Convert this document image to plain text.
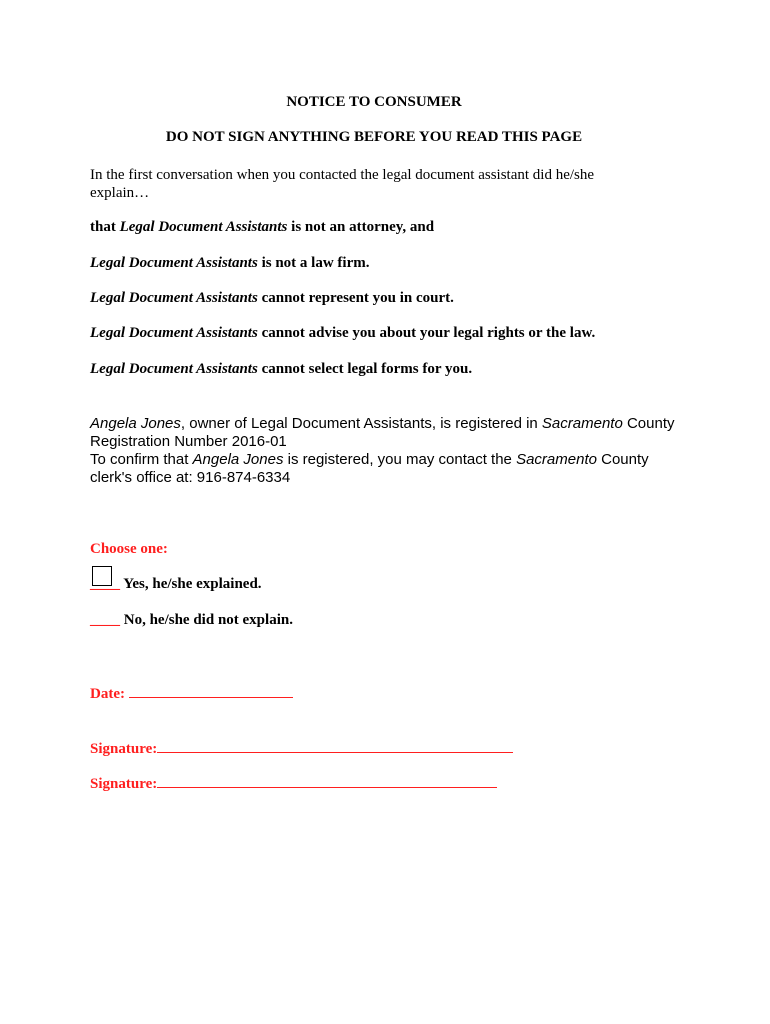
NOTICE TO CONSUMER
DO NOT SIGN ANYTHING BEFORE YOU READ THIS PAGE
In the first conversation when you contacted the legal document assistant did he/she
explain…
that Legal Document Assistants is not an attorney, and
Legal Document Assistants is not a law firm.
Legal Document Assistants cannot represent you in court.
Legal Document Assistants cannot advise you about your legal rights or the law.
Legal Document Assistants cannot select legal forms for you.
Angela Jones, owner of Legal Document Assistants, is registered in Sacramento County
Registration Number 2016-01
To confirm that Angela Jones is registered, you may contact the Sacramento County
clerk's office at: 916-874-6334
Choose one:
____ Yes, he/she explained.
____ No, he/she did not explain.
Date:
Signature:
Signature:
